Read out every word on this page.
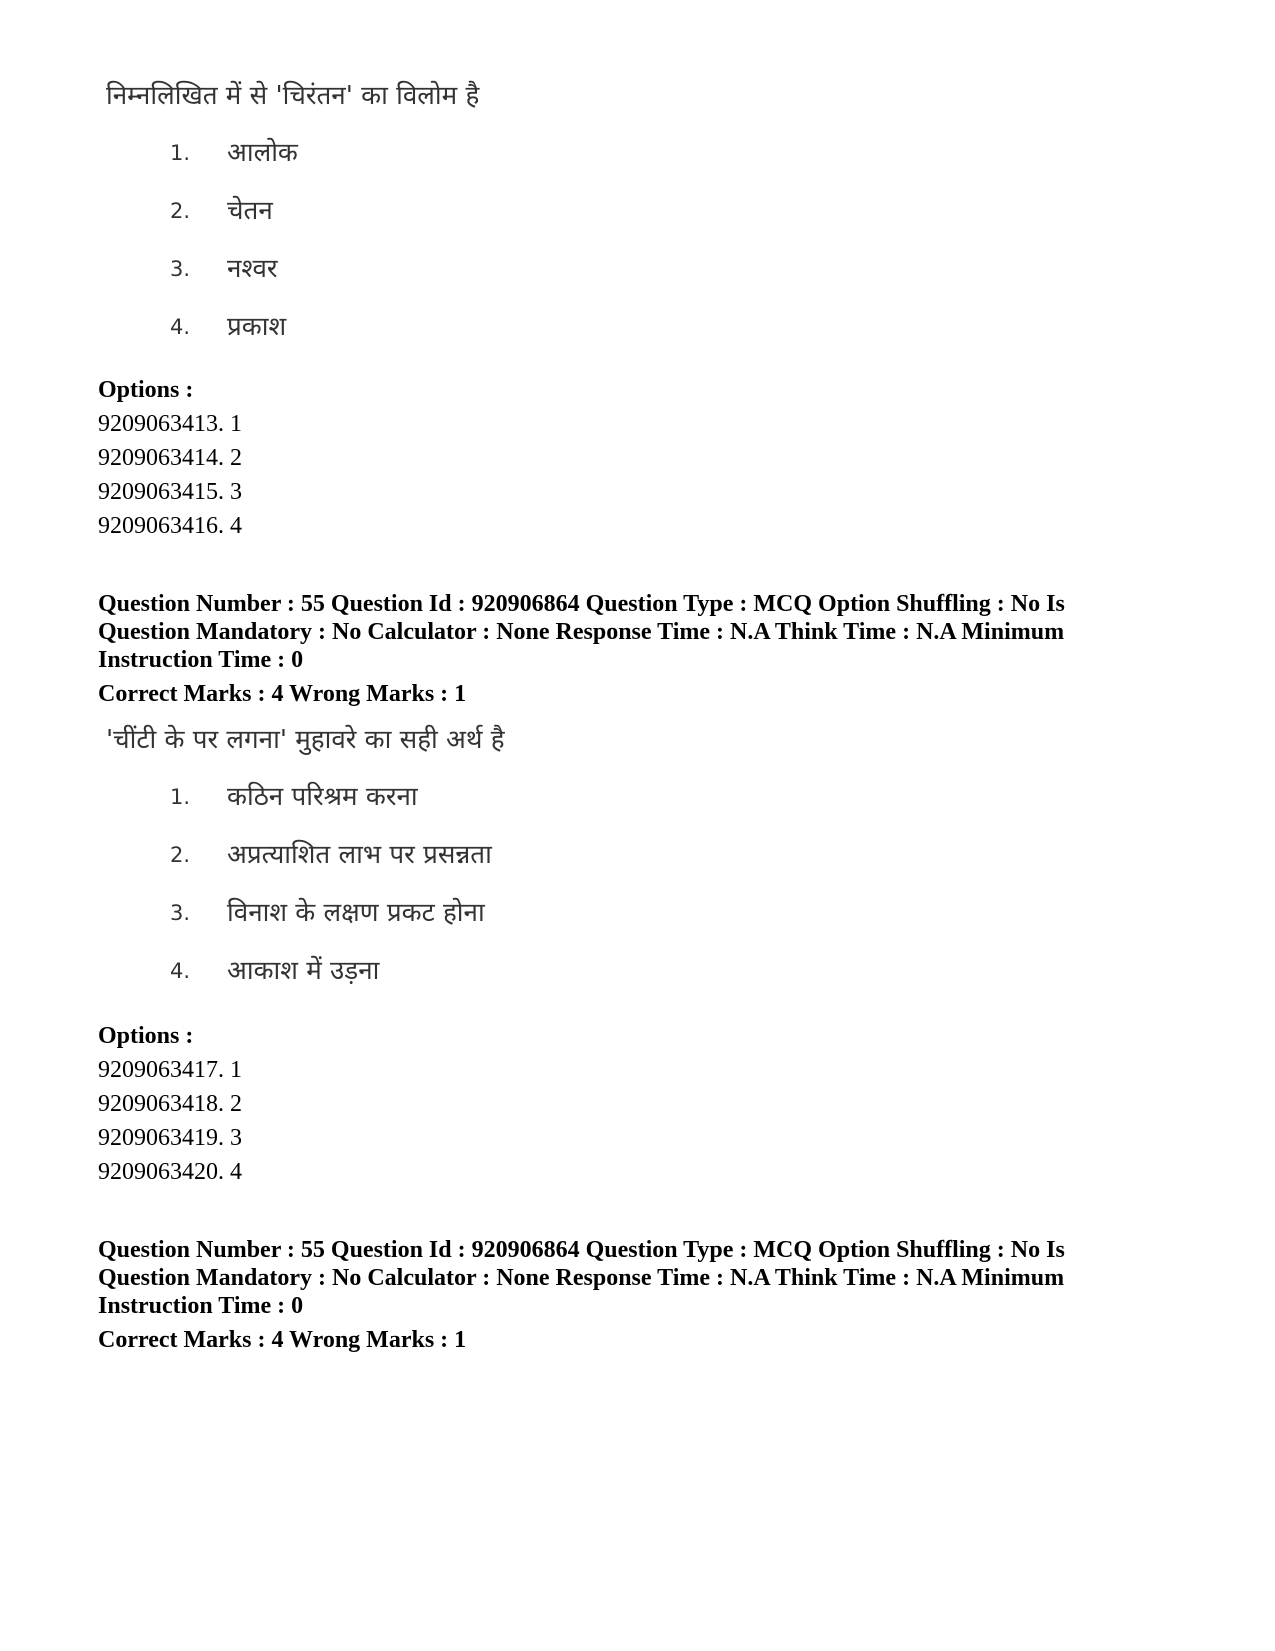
निम्नलिखित में से 'चिरंतन' का विलोम है
1. आलोक
2. चेतन
3. नश्वर
4. प्रकाश
Options :
9209063413. 1
9209063414. 2
9209063415. 3
9209063416. 4
Question Number : 55 Question Id : 920906864 Question Type : MCQ Option Shuffling : No Is Question Mandatory : No Calculator : None Response Time : N.A Think Time : N.A Minimum Instruction Time : 0
Correct Marks : 4 Wrong Marks : 1
'चींटी के पर लगना' मुहावरे का सही अर्थ है
1. कठिन परिश्रम करना
2. अप्रत्याशित लाभ पर प्रसन्नता
3. विनाश के लक्षण प्रकट होना
4. आकाश में उड़ना
Options :
9209063417. 1
9209063418. 2
9209063419. 3
9209063420. 4
Question Number : 55 Question Id : 920906864 Question Type : MCQ Option Shuffling : No Is Question Mandatory : No Calculator : None Response Time : N.A Think Time : N.A Minimum Instruction Time : 0
Correct Marks : 4 Wrong Marks : 1
